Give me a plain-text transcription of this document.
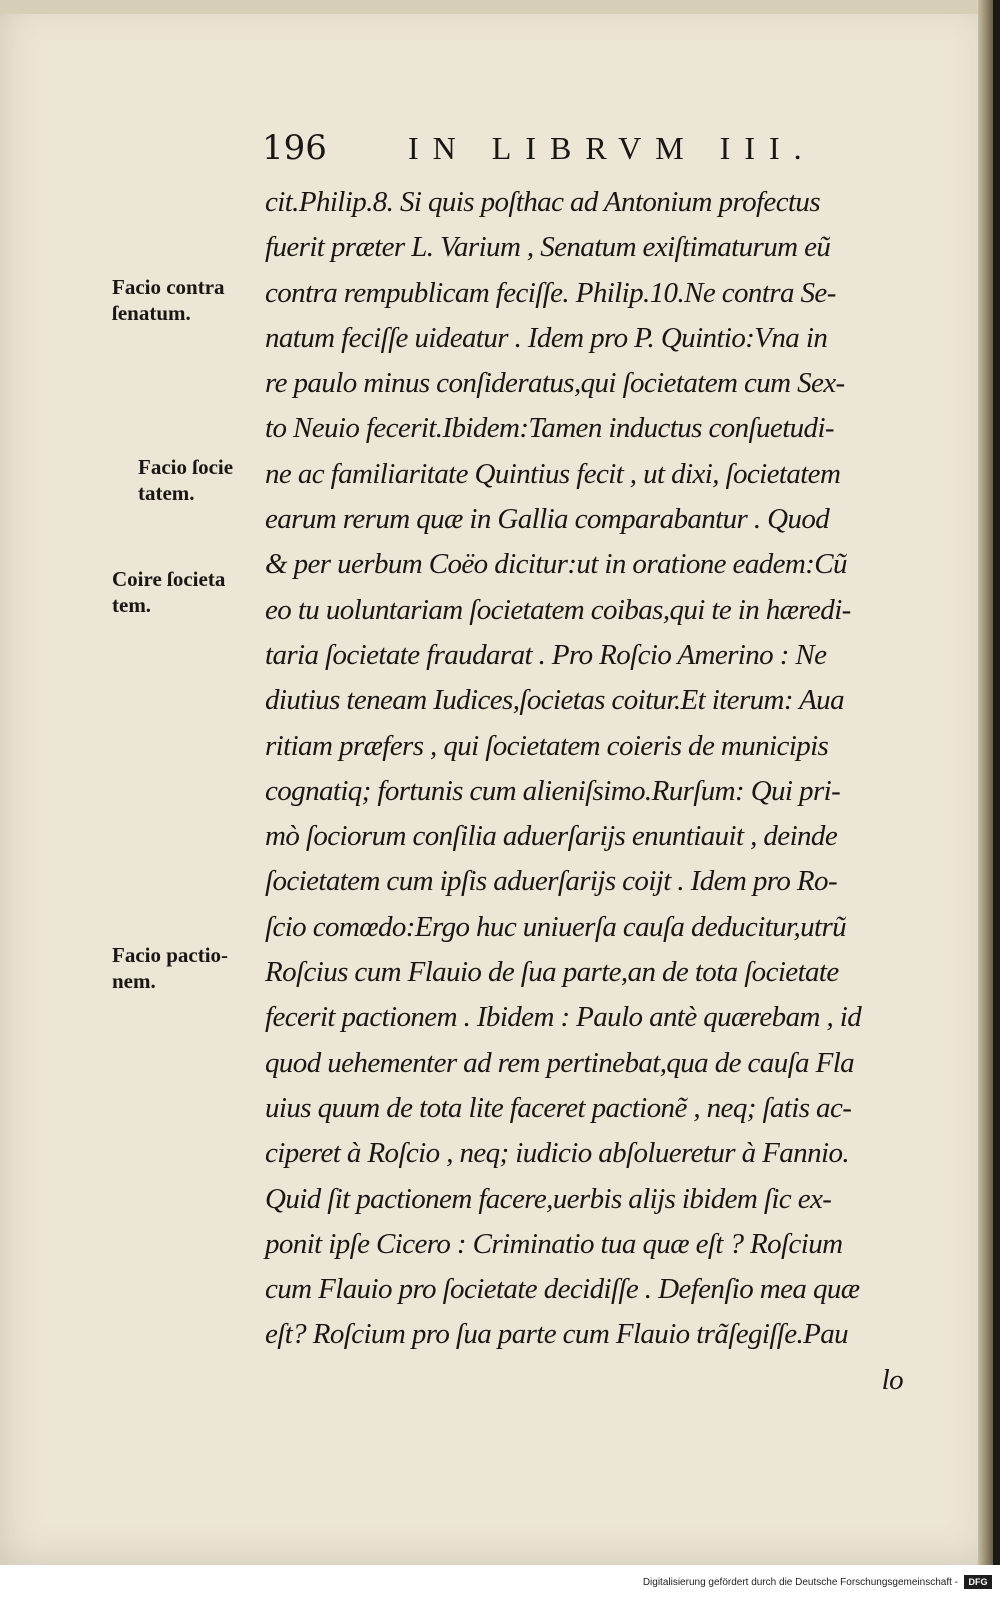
196	IN LIBRVM III.
Facio contra
ſenatum.
Facio ſocie
tatem.
Coire ſocieta
tem.
Facio pactio-
nem.
cit.Philip.8. Si quis poſthac ad Antonium profectus
fuerit præter L. Varium , Senatum exiſtimaturum eũ
contra rempublicam feciſſe. Philip.10.Ne contra Se-
natum feciſſe uideatur . Idem pro P. Quintio:Vna in
re paulo minus conſideratus,qui ſocietatem cum Sex-
to Neuio fecerit.Ibidem:Tamen inductus conſuetudi-
ne ac familiaritate Quintius fecit , ut dixi, ſocietatem
earum rerum quæ in Gallia comparabantur . Quod
& per uerbum Coëo dicitur:ut in oratione eadem:Cũ
eo tu uoluntariam ſocietatem coibas,qui te in hæredi-
taria ſocietate fraudarat . Pro Roſcio Amerino : Ne
diutius teneam Iudices,ſocietas coitur.Et iterum: Aua
ritiam præfers , qui ſocietatem coieris de municipis
cognatiq; fortunis cum alieniſsimo.Rurſum: Qui pri-
mò ſociorum conſilia aduerſarijs enuntiauit , deinde
ſocietatem cum ipſis aduerſarijs coijt . Idem pro Ro-
ſcio comœdo:Ergo huc uniuerſa cauſa deducitur,utrũ
Roſcius cum Flauio de ſua parte,an de tota ſocietate
fecerit pactionem . Ibidem : Paulo antè quærebam , id
quod uehementer ad rem pertinebat,qua de cauſa Fla
uius quum de tota lite faceret pactionẽ , neq; ſatis ac-
ciperet à Roſcio , neq; iudicio abſolueretur à Fannio.
Quid ſit pactionem facere,uerbis alijs ibidem ſic ex-
ponit ipſe Cicero : Criminatio tua quæ eſt ? Roſcium
cum Flauio pro ſocietate decidiſſe . Defenſio mea quæ
eſt? Roſcium pro ſua parte cum Flauio trãſegiſſe.Pau
lo
Digitalisierung gefördert durch die Deutsche Forschungsgemeinschaft -	DFG
